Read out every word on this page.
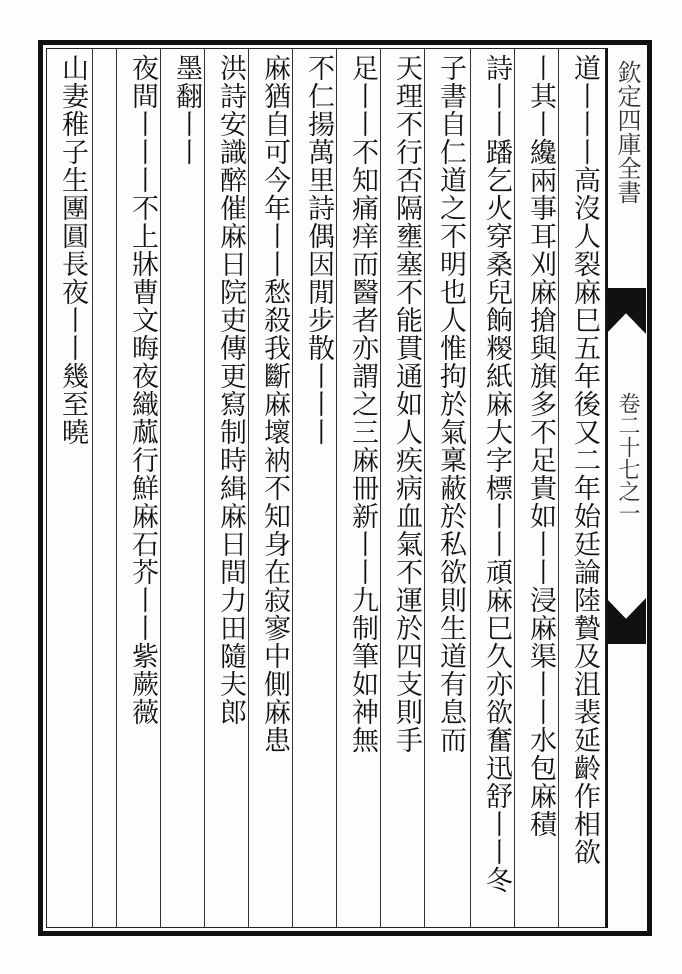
欽定四庫全書
卷二十七之一
道丨丨丨高沒人裂麻巳五年後又二年始廷論陸贄及沮裴延齡作相欲
丨其丨纔兩事耳刈麻搶與旗多不足貴如丨丨浸麻渠丨丨水包麻積
詩丨丨蹯乞火穿桑兒餉糉紙麻大字標丨丨頑麻巳久亦欲奮迅舒丨丨冬
子書自仁道之不明也人惟拘於氣稟蔽於私欲則生道有息而
天理不行否隔壅塞不能貫通如人疾病血氣不運於四支則手
足丨丨不知痛痒而醫者亦謂之三麻冊新丨丨九制筆如神無
不仁揚萬里詩偶因閒步散丨丨丨
麻猶自可今年丨丨愁殺我斷麻壞衲不知身在寂寥中側麻患
洪詩安識醉催麻日院吏傳更寫制時緝麻日間力田隨夫郎
墨翻丨丨
夜間丨丨丨不上牀曹文晦夜織蓏行鮮麻石芥丨丨紫蕨薇
山妻稚子生團圓長夜丨丨幾至曉
